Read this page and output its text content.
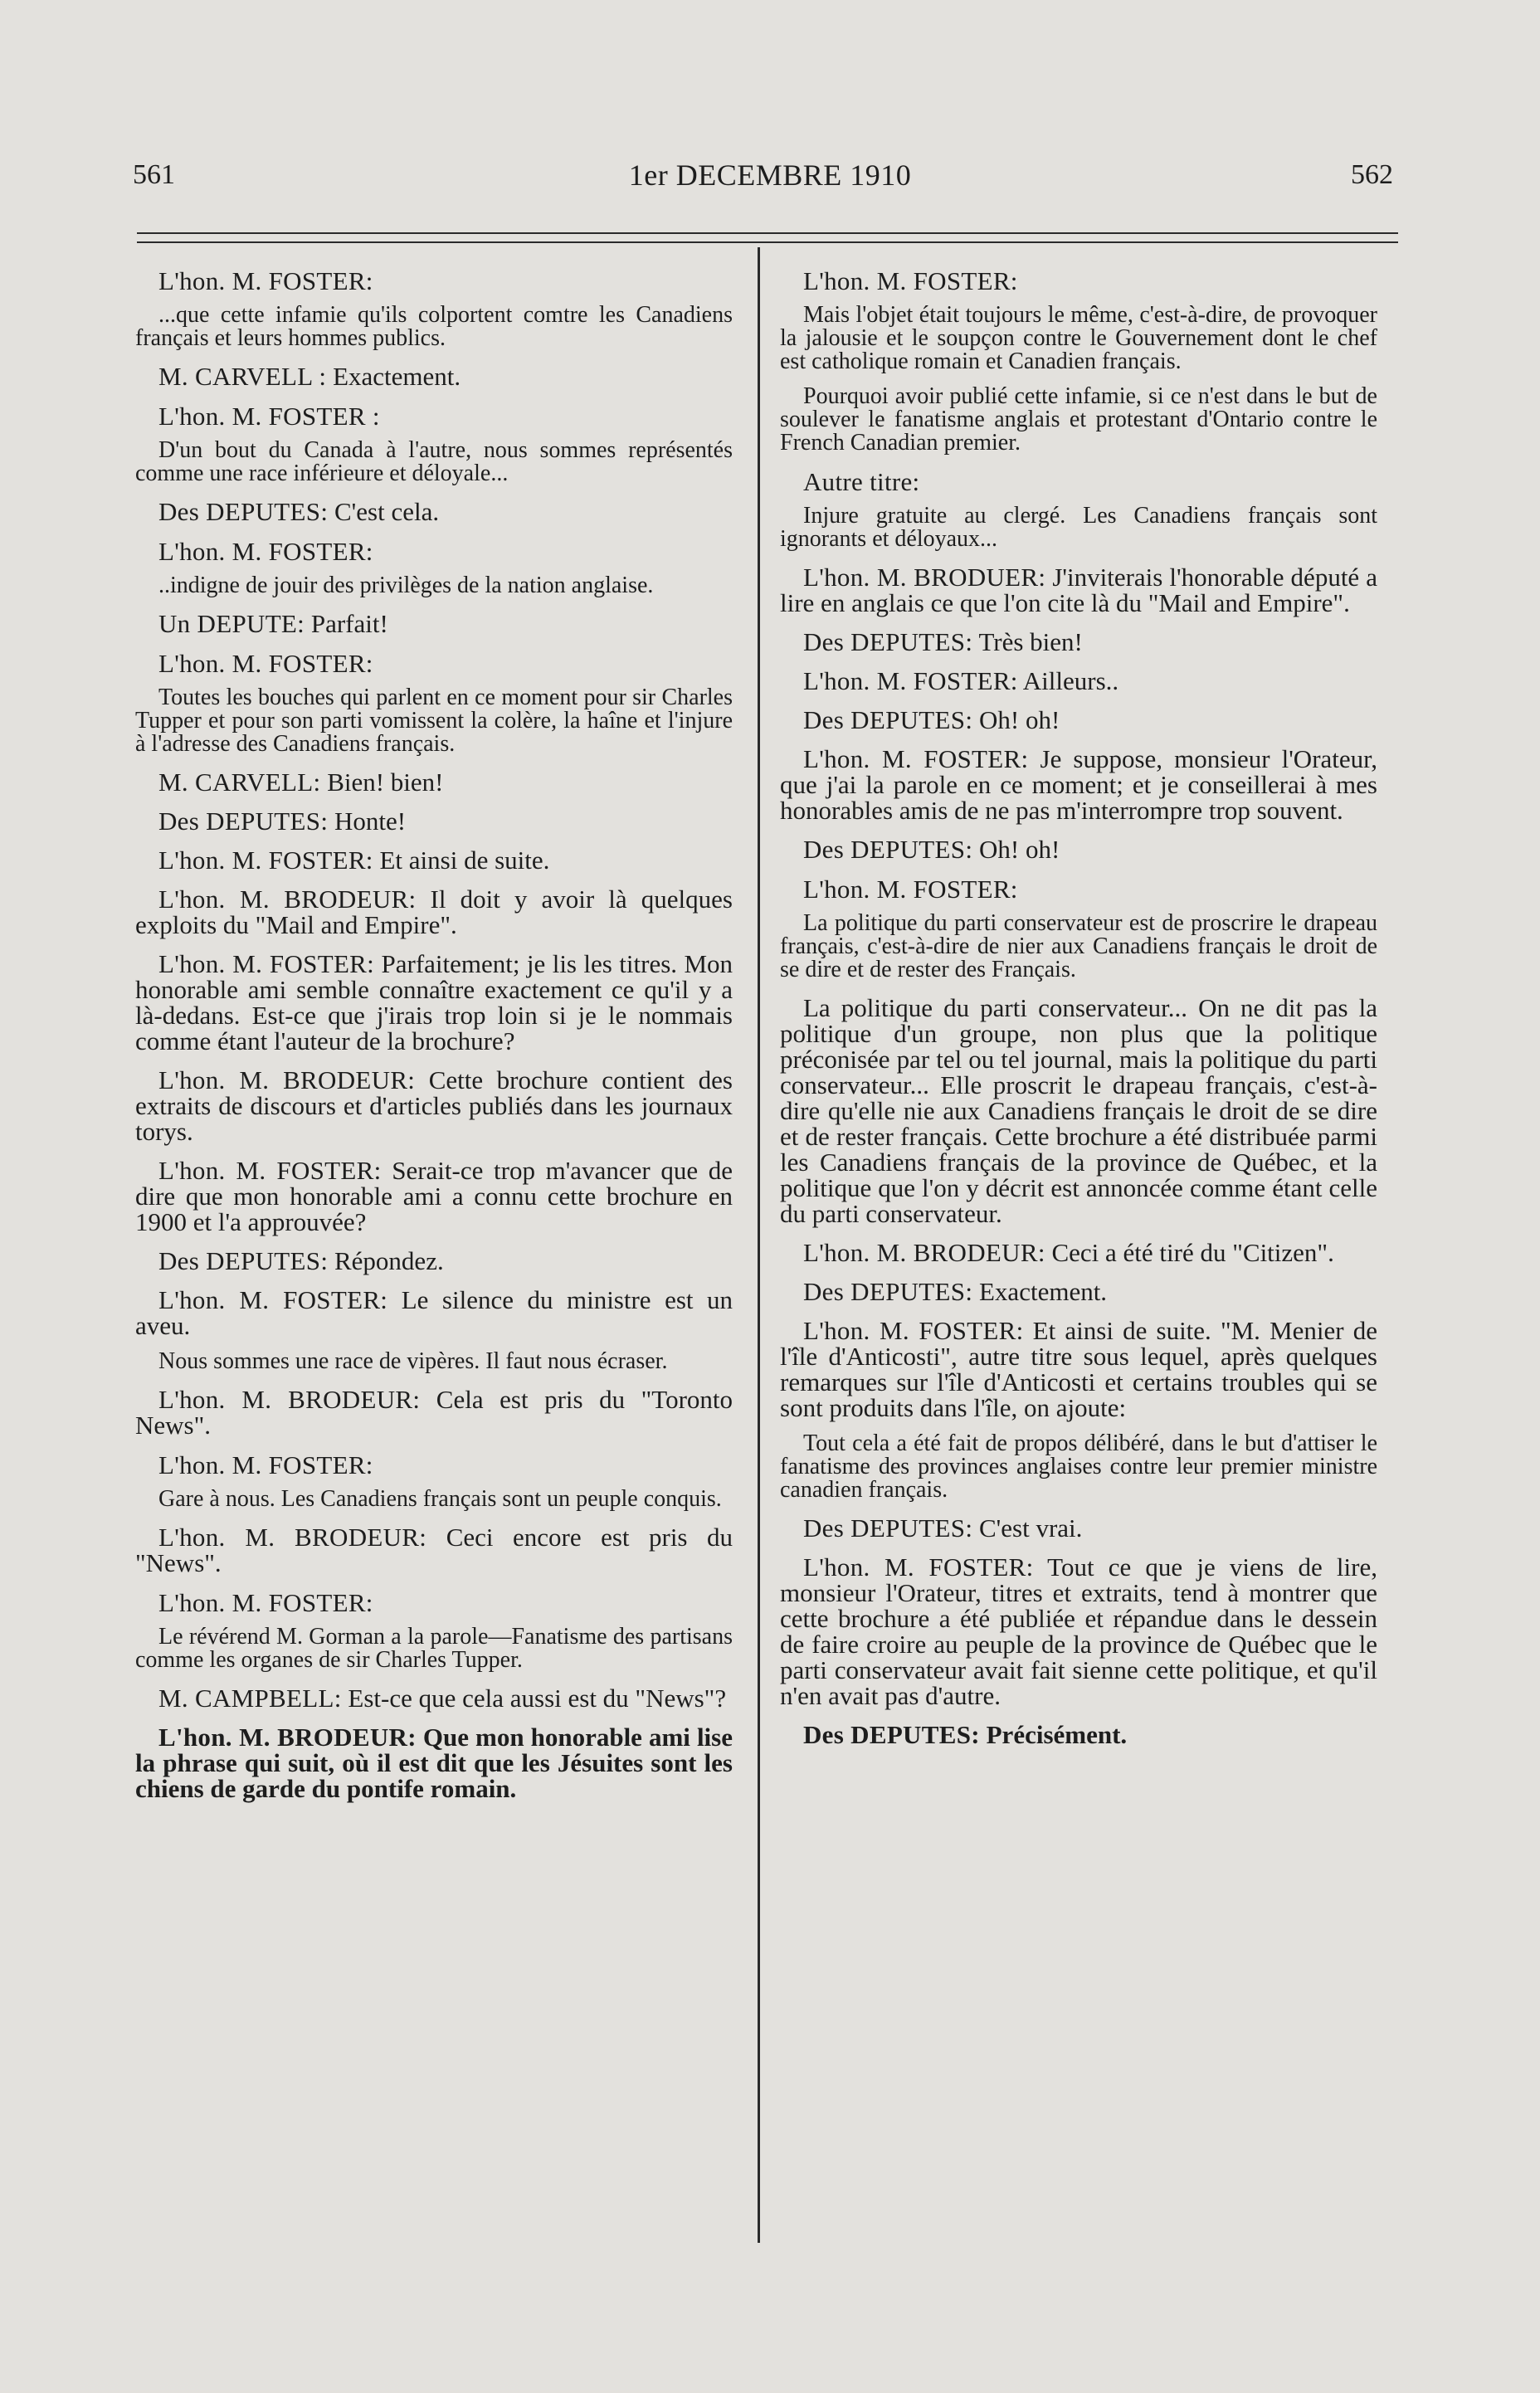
561	1er DECEMBRE 1910	562

L'hon. M. FOSTER:

...que cette infamie qu'ils colportent comtre les Canadiens français et leurs hommes publics.

M. CARVELL : Exactement.

L'hon. M. FOSTER :

D'un bout du Canada à l'autre, nous sommes représentés comme une race inférieure et déloyale...

Des DEPUTES: C'est cela.

L'hon. M. FOSTER:

..indigne de jouir des privilèges de la nation anglaise.

Un DEPUTE: Parfait!

L'hon. M. FOSTER:

Toutes les bouches qui parlent en ce moment pour sir Charles Tupper et pour son parti vomissent la colère, la haîne et l'injure à l'adresse des Canadiens français.

M. CARVELL: Bien! bien!

Des DEPUTES: Honte!

L'hon. M. FOSTER: Et ainsi de suite.

L'hon. M. BRODEUR: Il doit y avoir là quelques exploits du "Mail and Empire".

L'hon. M. FOSTER: Parfaitement; je lis les titres. Mon honorable ami semble connaître exactement ce qu'il y a là-dedans. Est-ce que j'irais trop loin si je le nommais comme étant l'auteur de la brochure?

L'hon. M. BRODEUR: Cette brochure contient des extraits de discours et d'articles publiés dans les journaux torys.

L'hon. M. FOSTER: Serait-ce trop m'avancer que de dire que mon honorable ami a connu cette brochure en 1900 et l'a approuvée?

Des DEPUTES: Répondez.

L'hon. M. FOSTER: Le silence du ministre est un aveu.

Nous sommes une race de vipères. Il faut nous écraser.

L'hon. M. BRODEUR: Cela est pris du "Toronto News".

L'hon. M. FOSTER:

Gare à nous. Les Canadiens français sont un peuple conquis.

L'hon. M. BRODEUR: Ceci encore est pris du "News".

L'hon. M. FOSTER:

Le révérend M. Gorman a la parole—Fanatisme des partisans comme les organes de sir Charles Tupper.

M. CAMPBELL: Est-ce que cela aussi est du "News"?

L'hon. M. BRODEUR: Que mon honorable ami lise la phrase qui suit, où il est dit que les Jésuites sont les chiens de garde du pontife romain.

L'hon. M. FOSTER:

Mais l'objet était toujours le même, c'est-à-dire, de provoquer la jalousie et le soupçon contre le Gouvernement dont le chef est catholique romain et Canadien français.

Pourquoi avoir publié cette infamie, si ce n'est dans le but de soulever le fanatisme anglais et protestant d'Ontario contre le French Canadian premier.

Autre titre:

Injure gratuite au clergé. Les Canadiens français sont ignorants et déloyaux...

L'hon. M. BRODUER: J'inviterais l'honorable député a lire en anglais ce que l'on cite là du "Mail and Empire".

Des DEPUTES: Très bien!

L'hon. M. FOSTER: Ailleurs..

Des DEPUTES: Oh! oh!

L'hon. M. FOSTER: Je suppose, monsieur l'Orateur, que j'ai la parole en ce moment; et je conseillerai à mes honorables amis de ne pas m'interrompre trop souvent.

Des DEPUTES: Oh! oh!

L'hon. M. FOSTER:

La politique du parti conservateur est de proscrire le drapeau français, c'est-à-dire de nier aux Canadiens français le droit de se dire et de rester des Français.

La politique du parti conservateur... On ne dit pas la politique d'un groupe, non plus que la politique préconisée par tel ou tel journal, mais la politique du parti conservateur... Elle proscrit le drapeau français, c'est-à-dire qu'elle nie aux Canadiens français le droit de se dire et de rester français. Cette brochure a été distribuée parmi les Canadiens français de la province de Québec, et la politique que l'on y décrit est annoncée comme étant celle du parti conservateur.

L'hon. M. BRODEUR: Ceci a été tiré du "Citizen".

Des DEPUTES: Exactement.

L'hon. M. FOSTER: Et ainsi de suite. "M. Menier de l'île d'Anticosti", autre titre sous lequel, après quelques remarques sur l'île d'Anticosti et certains troubles qui se sont produits dans l'île, on ajoute:

Tout cela a été fait de propos délibéré, dans le but d'attiser le fanatisme des provinces anglaises contre leur premier ministre canadien français.

Des DEPUTES: C'est vrai.

L'hon. M. FOSTER: Tout ce que je viens de lire, monsieur l'Orateur, titres et extraits, tend à montrer que cette brochure a été publiée et répandue dans le dessein de faire croire au peuple de la province de Québec que le parti conservateur avait fait sienne cette politique, et qu'il n'en avait pas d'autre.

Des DEPUTES: Précisément.
